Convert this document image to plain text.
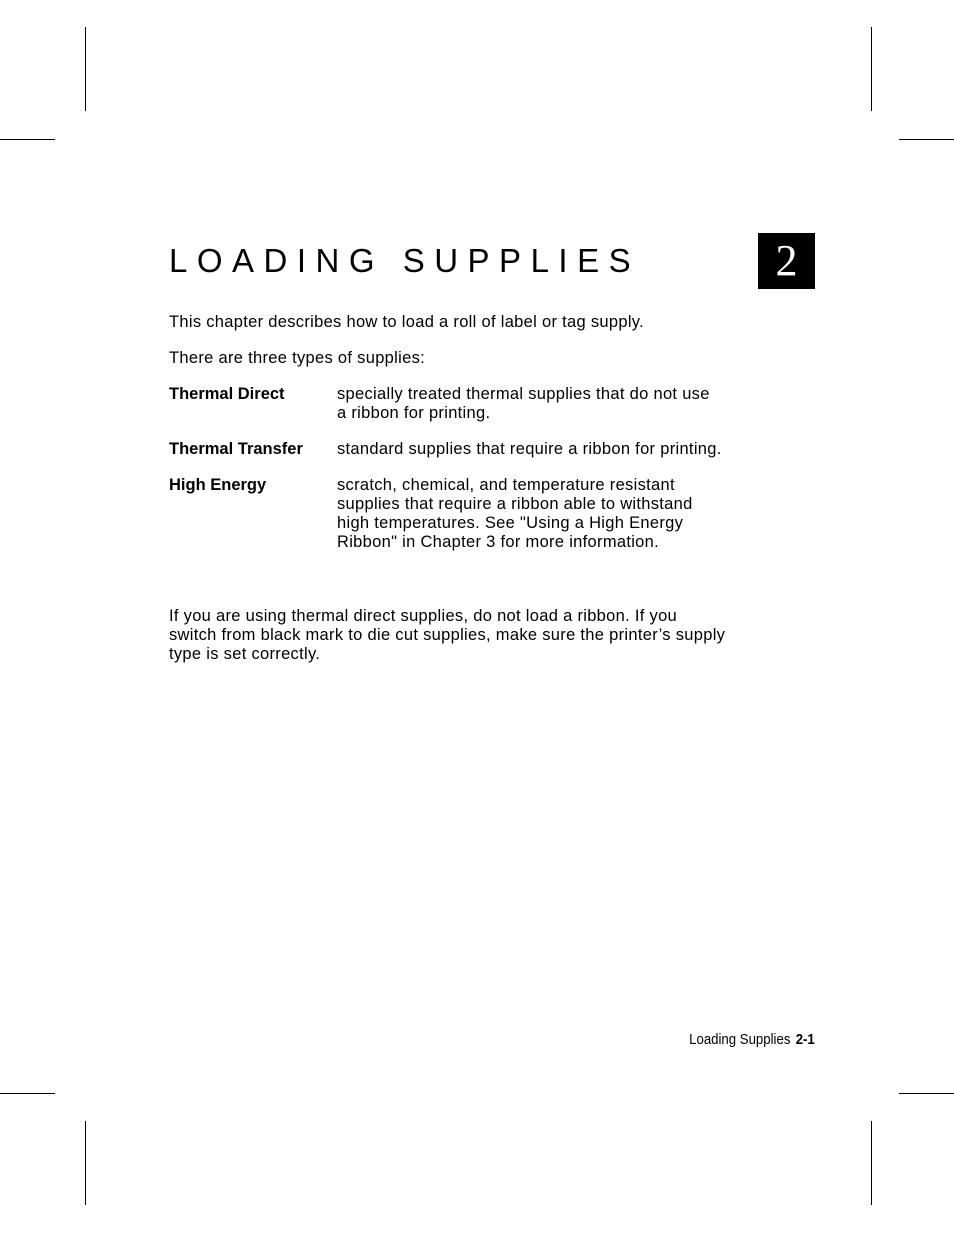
LOADING SUPPLIES	2

This chapter describes how to load a roll of label or tag supply.

There are three types of supplies:

Thermal Direct	specially treated thermal supplies that do not use a ribbon for printing.
Thermal Transfer	standard supplies that require a ribbon for printing.
High Energy	scratch, chemical, and temperature resistant supplies that require a ribbon able to withstand high temperatures. See "Using a High Energy Ribbon" in Chapter 3 for more information.

If you are using thermal direct supplies, do not load a ribbon. If you switch from black mark to die cut supplies, make sure the printer’s supply type is set correctly.

Loading Supplies 2-1
